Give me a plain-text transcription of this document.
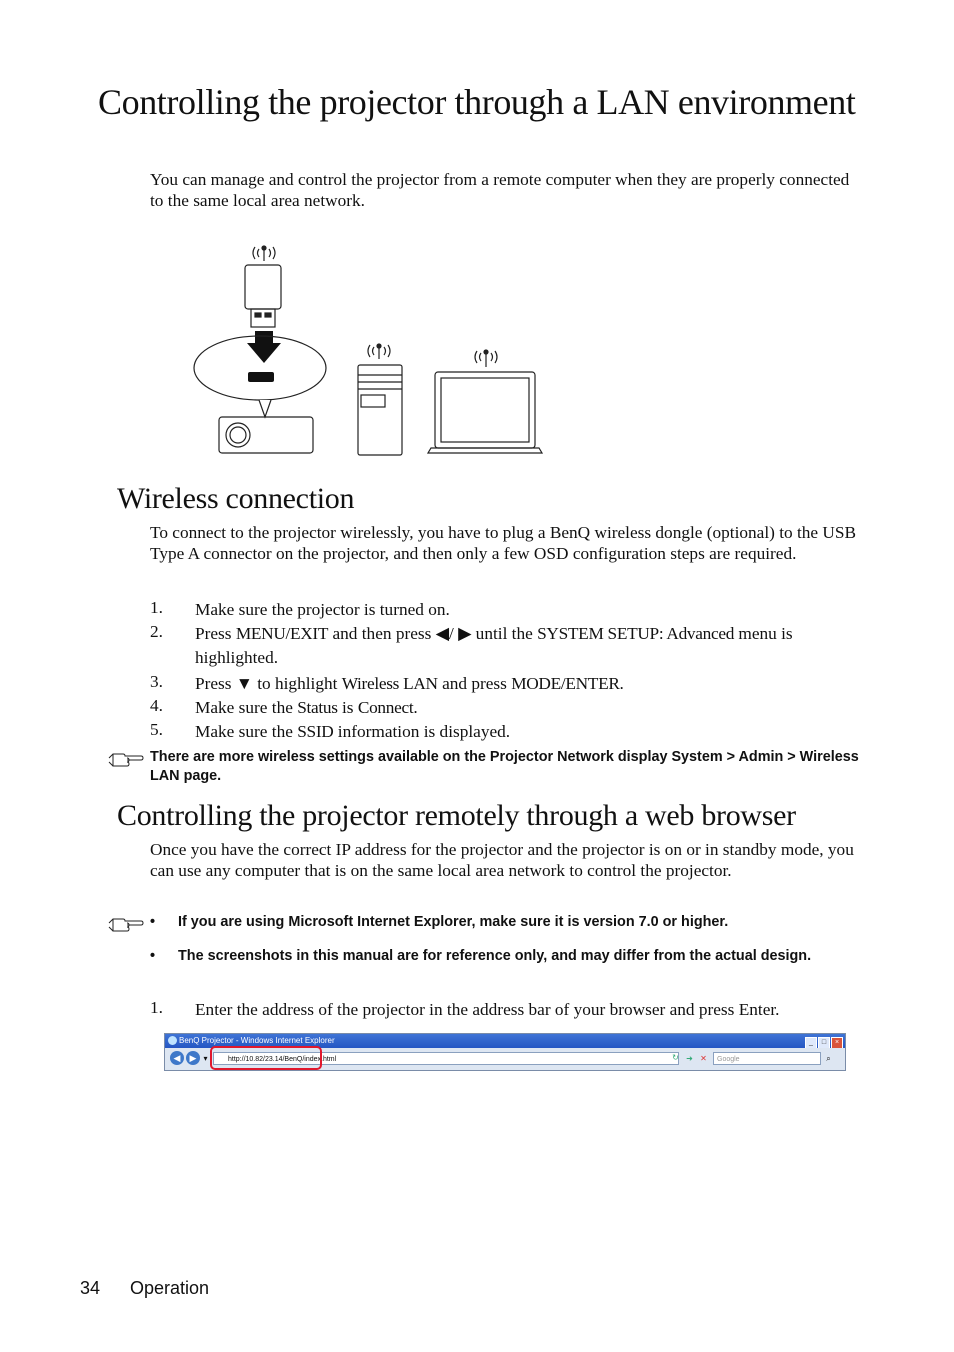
Controlling the projector through a LAN environment

You can manage and control the projector from a remote computer when they are properly connected to the same local area network.

Wireless connection

To connect to the projector wirelessly, you have to plug a BenQ wireless dongle (optional) to the USB Type A connector on the projector, and then only a few OSD configuration steps are required.

1. Make sure the projector is turned on.
2. Press MENU/EXIT and then press ◀/ ▶ until the SYSTEM SETUP: Advanced menu is highlighted.
3. Press ▼ to highlight Wireless LAN and press MODE/ENTER.
4. Make sure the Status is Connect.
5. Make sure the SSID information is displayed.
There are more wireless settings available on the Projector Network display System > Admin > Wireless LAN page.
Controlling the projector remotely through a web browser

Once you have the correct IP address for the projector and the projector is on or in standby mode, you can use any computer that is on the same local area network to control the projector.

• If you are using Microsoft Internet Explorer, make sure it is version 7.0 or higher.
• The screenshots in this manual are for reference only, and may differ from the actual design.
1. Enter the address of the projector in the address bar of your browser and press Enter.
BenQ Projector - Windows Internet Explorer	_ □ ×
◀	▶ ▾	http://10.82/23.14/BenQ/index.html	↻ ➜ ✕	Google	⌕
34 Operation
